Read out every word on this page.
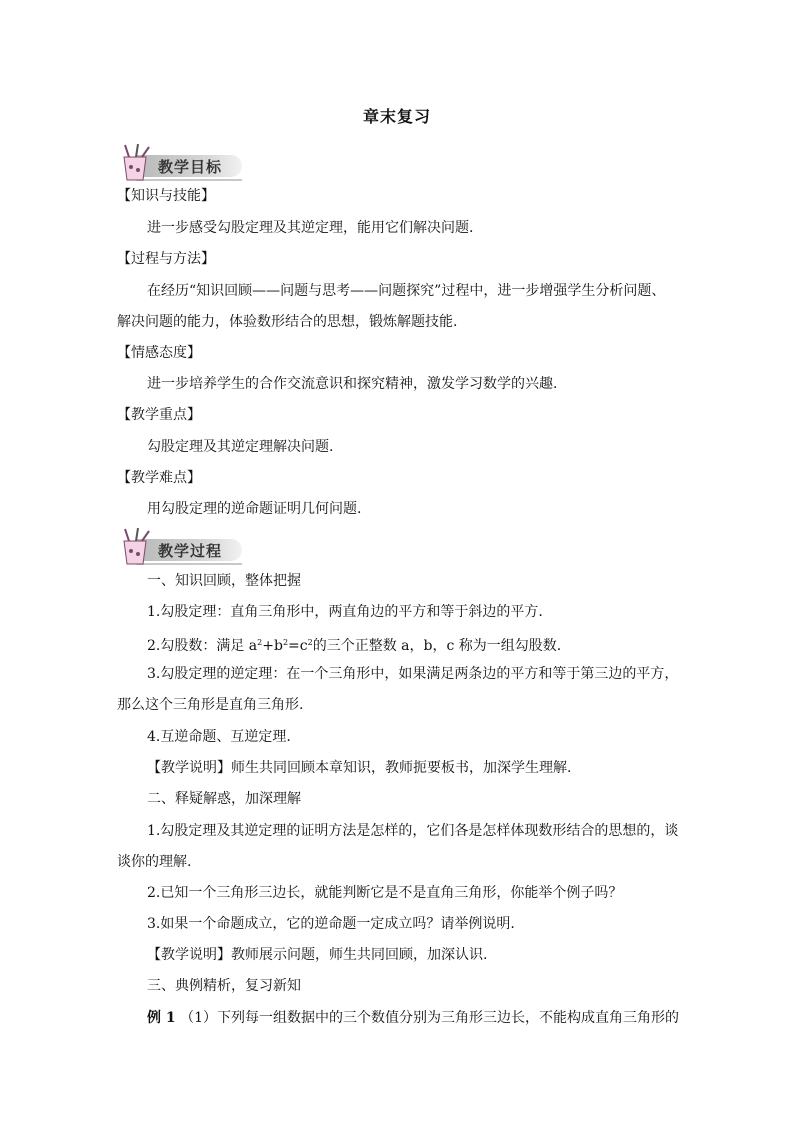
章末复习
教学目标
【知识与技能】
进一步感受勾股定理及其逆定理，能用它们解决问题.
【过程与方法】
在经历“知识回顾——问题与思考——问题探究”过程中，进一步增强学生分析问题、
解决问题的能力，体验数形结合的思想，锻炼解题技能.
【情感态度】
进一步培养学生的合作交流意识和探究精神，激发学习数学的兴趣.
【教学重点】
勾股定理及其逆定理解决问题.
【教学难点】
用勾股定理的逆命题证明几何问题.
教学过程
一、知识回顾，整体把握
1.勾股定理：直角三角形中，两直角边的平方和等于斜边的平方.
2.勾股数：满足 $a^2+b^2=c^2$的三个正整数 a，b，c 称为一组勾股数.
3.勾股定理的逆定理：在一个三角形中，如果满足两条边的平方和等于第三边的平方，
那么这个三角形是直角三角形.
4.互逆命题、互逆定理.
【教学说明】师生共同回顾本章知识，教师扼要板书，加深学生理解.
二、释疑解惑，加深理解
1.勾股定理及其逆定理的证明方法是怎样的，它们各是怎样体现数形结合的思想的，谈
谈你的理解.
2.已知一个三角形三边长，就能判断它是不是直角三角形，你能举个例子吗？
3.如果一个命题成立，它的逆命题一定成立吗？请举例说明.
【教学说明】教师展示问题，师生共同回顾，加深认识.
三、典例精析，复习新知
例 1 （1）下列每一组数据中的三个数值分别为三角形三边长，不能构成直角三角形的
